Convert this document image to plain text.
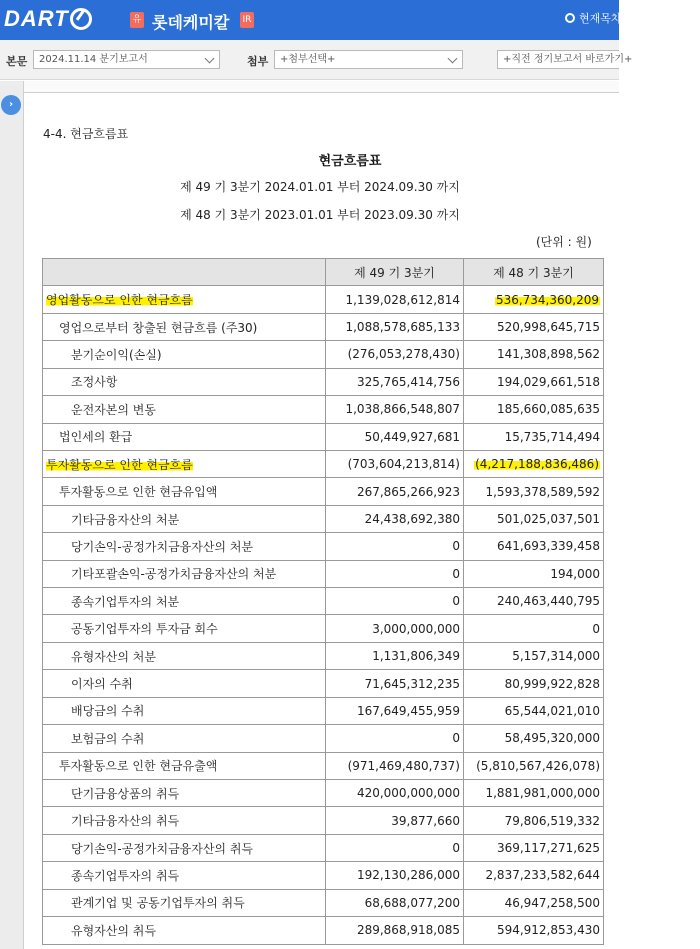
DART	유 롯데케미칼 IR	현재목차
본문	2024.11.14 분기보고서	첨부	+첨부선택+	+직전 정기보고서 바로가기+
›
4-4. 현금흐름표
현금흐름표
제 49 기 3분기 2024.01.01 부터 2024.09.30 까지
제 48 기 3분기 2023.01.01 부터 2023.09.30 까지
(단위 : 원)
	제 49 기 3분기	제 48 기 3분기
영업활동으로 인한 현금흐름	1,139,028,612,814	536,734,360,209
영업으로부터 창출된 현금흐름 (주30)	1,088,578,685,133	520,998,645,715
분기순이익(손실)	(276,053,278,430)	141,308,898,562
조정사항	325,765,414,756	194,029,661,518
운전자본의 변동	1,038,866,548,807	185,660,085,635
법인세의 환급	50,449,927,681	15,735,714,494
투자활동으로 인한 현금흐름	(703,604,213,814)	(4,217,188,836,486)
투자활동으로 인한 현금유입액	267,865,266,923	1,593,378,589,592
기타금융자산의 처분	24,438,692,380	501,025,037,501
당기손익-공정가치금융자산의 처분	0	641,693,339,458
기타포괄손익-공정가치금융자산의 처분	0	194,000
종속기업투자의 처분	0	240,463,440,795
공동기업투자의 투자금 회수	3,000,000,000	0
유형자산의 처분	1,131,806,349	5,157,314,000
이자의 수취	71,645,312,235	80,999,922,828
배당금의 수취	167,649,455,959	65,544,021,010
보험금의 수취	0	58,495,320,000
투자활동으로 인한 현금유출액	(971,469,480,737)	(5,810,567,426,078)
단기금융상품의 취득	420,000,000,000	1,881,981,000,000
기타금융자산의 취득	39,877,660	79,806,519,332
당기손익-공정가치금융자산의 취득	0	369,117,271,625
종속기업투자의 취득	192,130,286,000	2,837,233,582,644
관계기업 및 공동기업투자의 취득	68,688,077,200	46,947,258,500
유형자산의 취득	289,868,918,085	594,912,853,430
